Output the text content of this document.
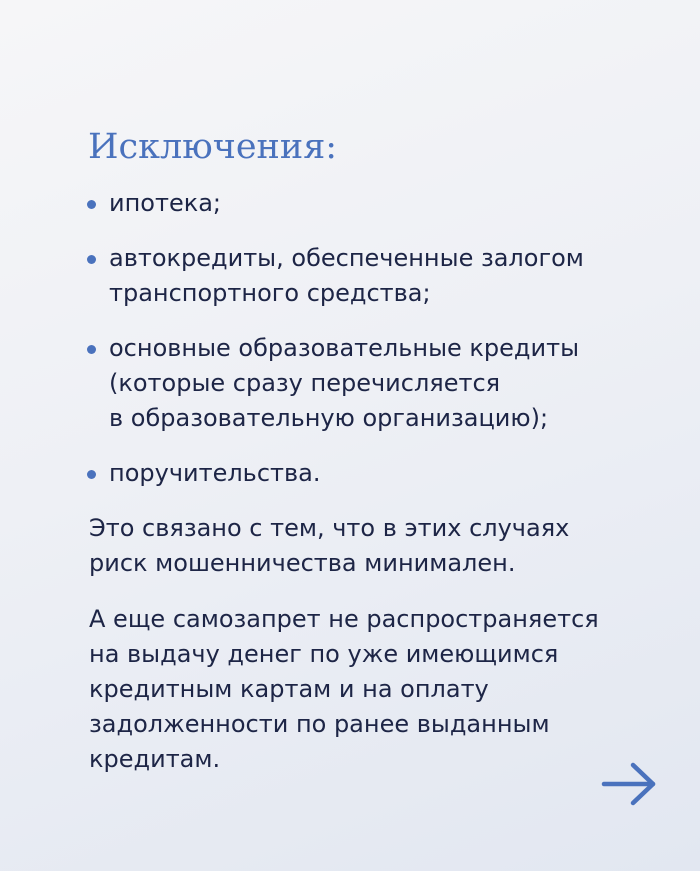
Исключения:
ипотека;
автокредиты, обеспеченные залогом
транспортного средства;
основные образовательные кредиты
(которые сразу перечисляется
в образовательную организацию);
поручительства.
Это связано с тем, что в этих случаях
риск мошенничества минимален.
А еще самозапрет не распространяется
на выдачу денег по уже имеющимся
кредитным картам и на оплату
задолженности по ранее выданным
кредитам.
